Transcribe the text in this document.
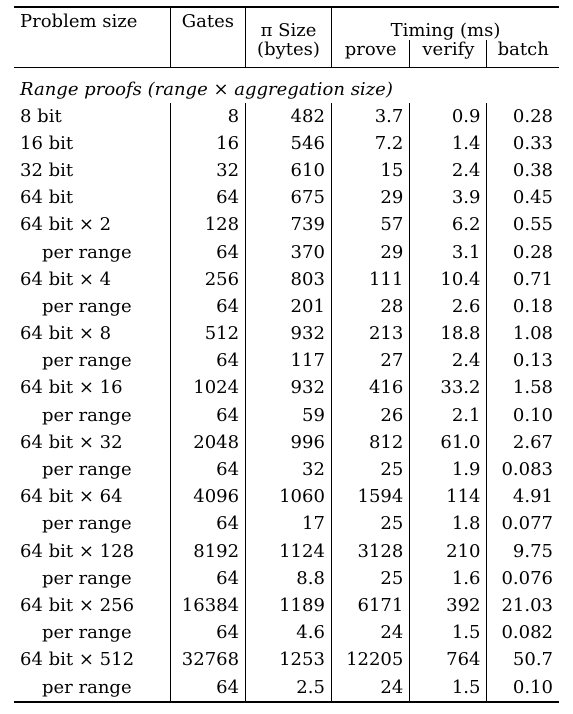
Problem size	Gates	π Size	Timing (ms)		
		(bytes)	prove	verify	batch

Range proofs (range × aggregation size)					
8 bit	8	482	3.7	0.9	0.28
16 bit	16	546	7.2	1.4	0.33
32 bit	32	610	15	2.4	0.38
64 bit	64	675	29	3.9	0.45
64 bit × 2	128	739	57	6.2	0.55
per range	64	370	29	3.1	0.28
64 bit × 4	256	803	111	10.4	0.71
per range	64	201	28	2.6	0.18
64 bit × 8	512	932	213	18.8	1.08
per range	64	117	27	2.4	0.13
64 bit × 16	1024	932	416	33.2	1.58
per range	64	59	26	2.1	0.10
64 bit × 32	2048	996	812	61.0	2.67
per range	64	32	25	1.9	0.083
64 bit × 64	4096	1060	1594	114	4.91
per range	64	17	25	1.8	0.077
64 bit × 128	8192	1124	3128	210	9.75
per range	64	8.8	25	1.6	0.076
64 bit × 256	16384	1189	6171	392	21.03
per range	64	4.6	24	1.5	0.082
64 bit × 512	32768	1253	12205	764	50.7
per range	64	2.5	24	1.5	0.10
